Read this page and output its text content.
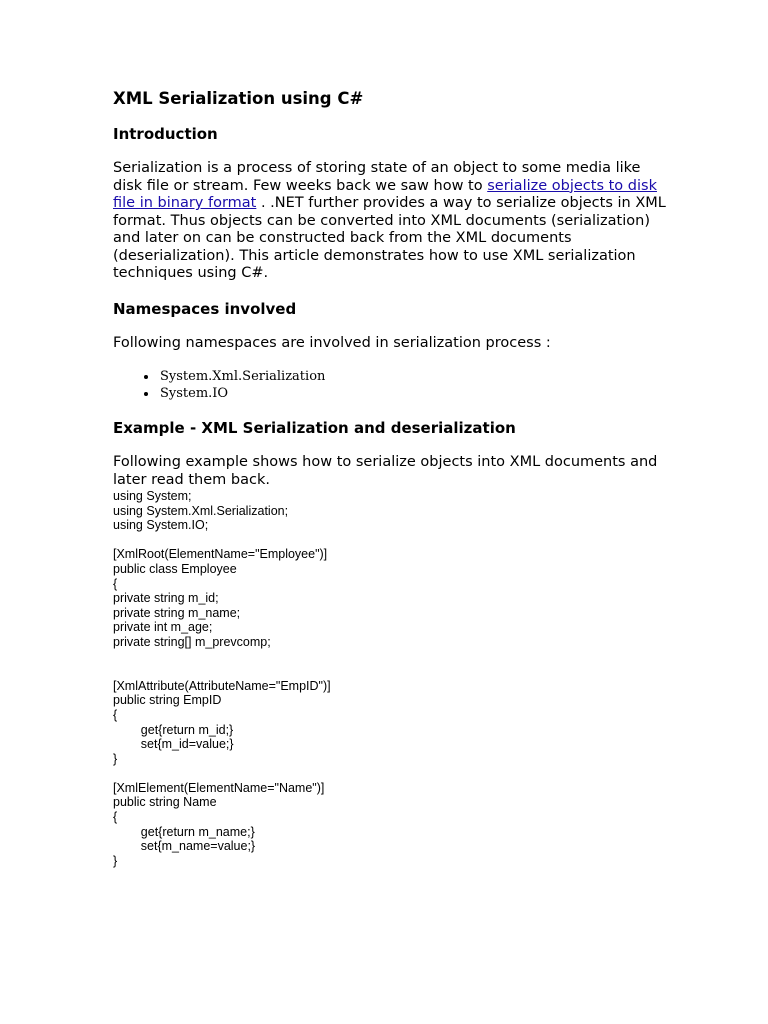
XML Serialization using C#
Introduction
Serialization is a process of storing state of an object to some media like disk file or stream. Few weeks back we saw how to serialize objects to disk file in binary format . .NET further provides a way to serialize objects in XML format. Thus objects can be converted into XML documents (serialization) and later on can be constructed back from the XML documents (deserialization). This article demonstrates how to use XML serialization techniques using C#.
Namespaces involved
Following namespaces are involved in serialization process :
• System.Xml.Serialization
• System.IO
Example - XML Serialization and deserialization
Following example shows how to serialize objects into XML documents and later read them back.
using System;
using System.Xml.Serialization;
using System.IO;

[XmlRoot(ElementName="Employee")]
public class Employee
{
private string m_id;
private string m_name;
private int m_age;
private string[] m_prevcomp;

[XmlAttribute(AttributeName="EmpID")]
public string EmpID
{
	get{return m_id;}
	set{m_id=value;}
}

[XmlElement(ElementName="Name")]
public string Name
{
	get{return m_name;}
	set{m_name=value;}
}
